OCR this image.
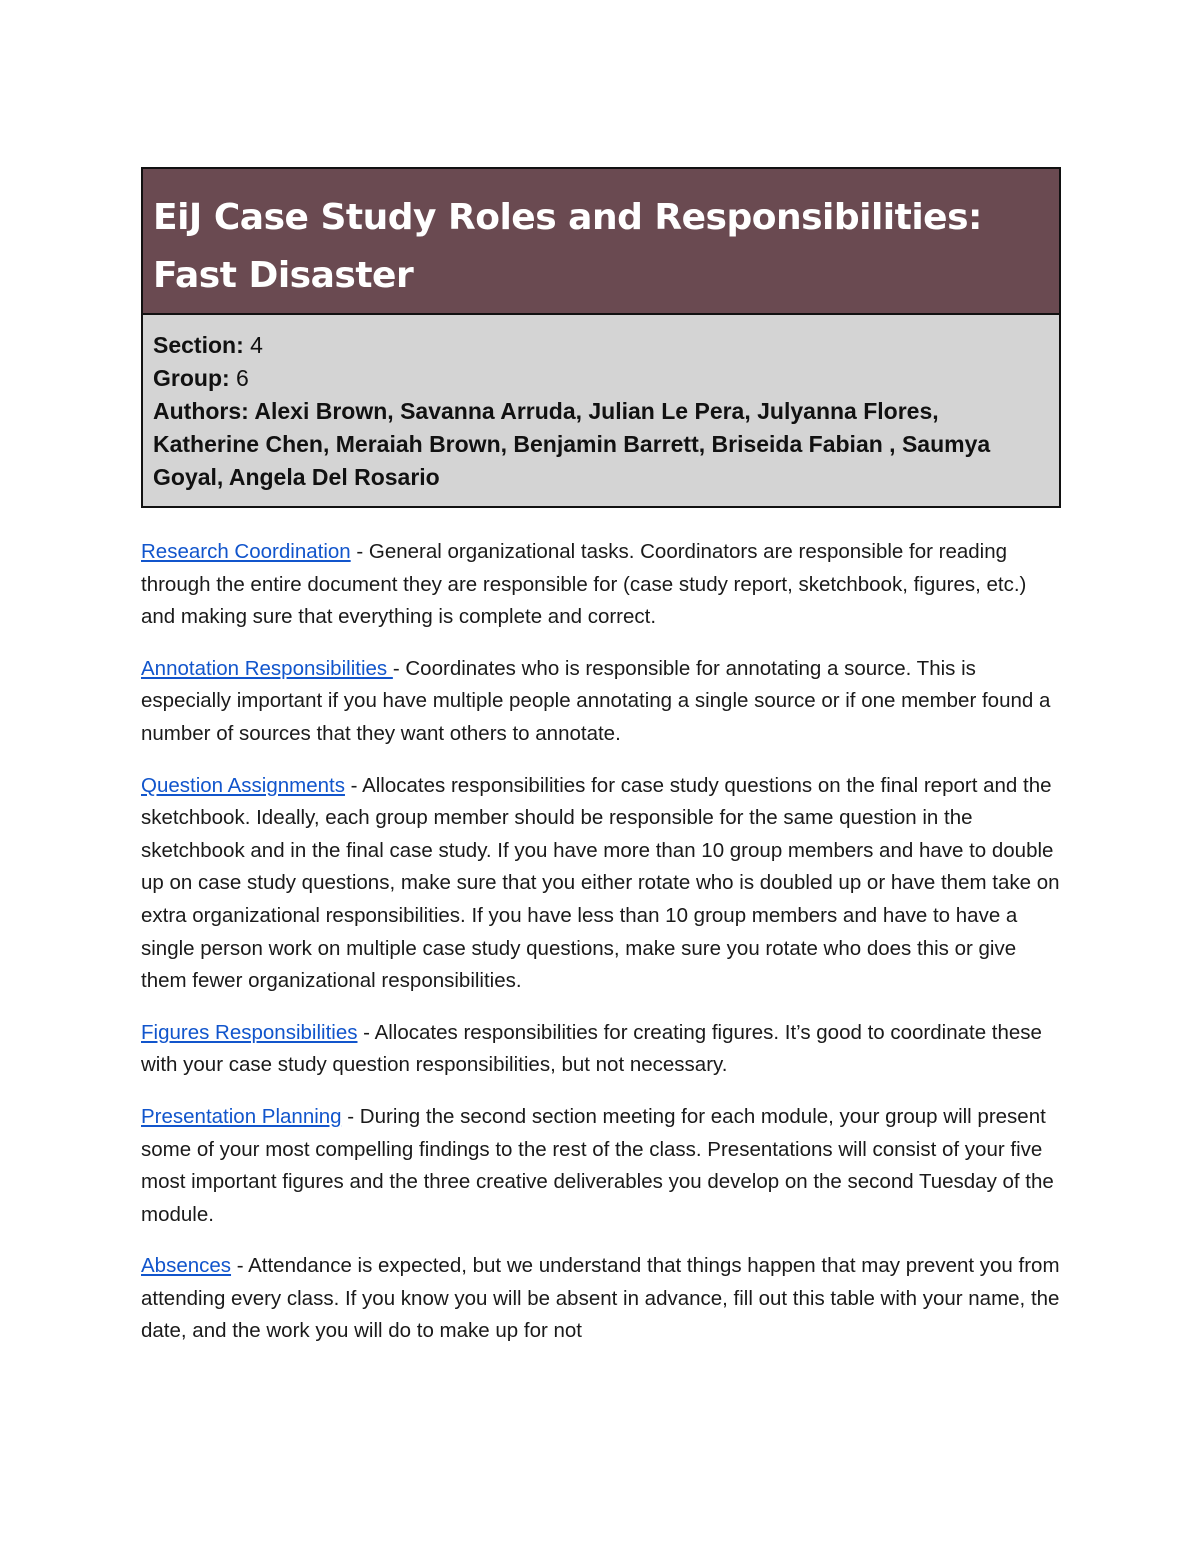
EiJ Case Study Roles and Responsibilities: Fast Disaster

Section: 4

Group: 6

Authors: Alexi Brown, Savanna Arruda, Julian Le Pera, Julyanna Flores, Katherine Chen, Meraiah Brown, Benjamin Barrett, Briseida Fabian , Saumya Goyal, Angela Del Rosario

Research Coordination - General organizational tasks. Coordinators are responsible for reading through the entire document they are responsible for (case study report, sketchbook, figures, etc.) and making sure that everything is complete and correct.

Annotation Responsibilities - Coordinates who is responsible for annotating a source. This is especially important if you have multiple people annotating a single source or if one member found a number of sources that they want others to annotate.

Question Assignments - Allocates responsibilities for case study questions on the final report and the sketchbook. Ideally, each group member should be responsible for the same question in the sketchbook and in the final case study. If you have more than 10 group members and have to double up on case study questions, make sure that you either rotate who is doubled up or have them take on extra organizational responsibilities. If you have less than 10 group members and have to have a single person work on multiple case study questions, make sure you rotate who does this or give them fewer organizational responsibilities.

Figures Responsibilities - Allocates responsibilities for creating figures. It’s good to coordinate these with your case study question responsibilities, but not necessary.

Presentation Planning - During the second section meeting for each module, your group will present some of your most compelling findings to the rest of the class. Presentations will consist of your five most important figures and the three creative deliverables you develop on the second Tuesday of the module.

Absences - Attendance is expected, but we understand that things happen that may prevent you from attending every class. If you know you will be absent in advance, fill out this table with your name, the date, and the work you will do to make up for not
